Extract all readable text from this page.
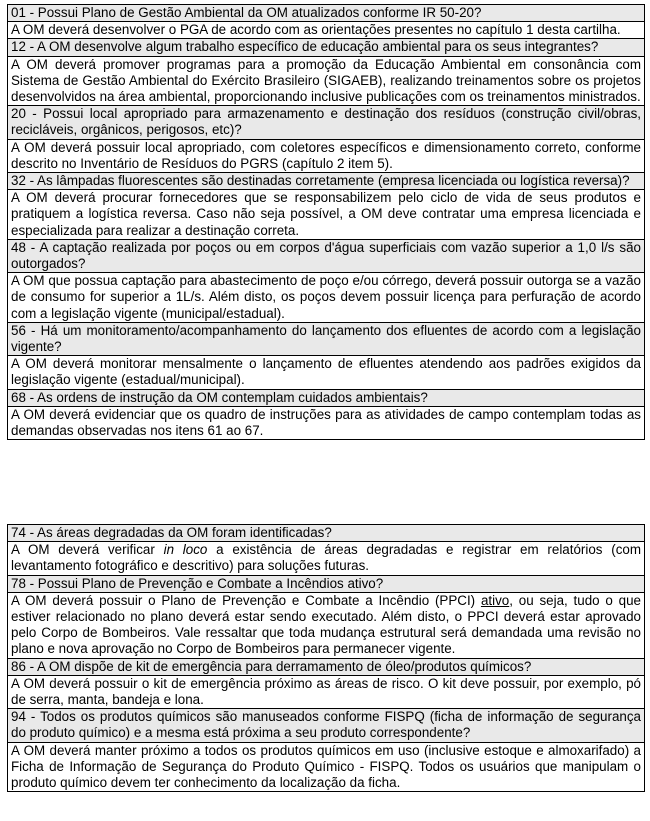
01 - Possui Plano de Gestão Ambiental da OM atualizados conforme IR 50-20?
A OM deverá desenvolver o PGA de acordo com as orientações presentes no capítulo 1 desta cartilha.
12 - A OM desenvolve algum trabalho específico de educação ambiental para os seus integrantes?
A OM deverá promover programas para a promoção da Educação Ambiental em consonância com Sistema de Gestão Ambiental do Exército Brasileiro (SIGAEB), realizando treinamentos sobre os projetos desenvolvidos na área ambiental, proporcionando inclusive publicações com os treinamentos ministrados.
20 - Possui local apropriado para armazenamento e destinação dos resíduos (construção civil/obras, recicláveis, orgânicos, perigosos, etc)?
A OM deverá possuir local apropriado, com coletores específicos e dimensionamento correto, conforme descrito no Inventário de Resíduos do PGRS (capítulo 2 item 5).
32 - As lâmpadas fluorescentes são destinadas corretamente (empresa licenciada ou logística reversa)?
A OM deverá procurar fornecedores que se responsabilizem pelo ciclo de vida de seus produtos e pratiquem a logística reversa. Caso não seja possível, a OM deve contratar uma empresa licenciada e especializada para realizar a destinação correta.
48 - A captação realizada por poços ou em corpos d'água superficiais com vazão superior a 1,0 l/s são outorgados?
A OM que possua captação para abastecimento de poço e/ou córrego, deverá possuir outorga se a vazão de consumo for superior a 1L/s. Além disto, os poços devem possuir licença para perfuração de acordo com a legislação vigente (municipal/estadual).
56 - Há um monitoramento/acompanhamento do lançamento dos efluentes de acordo com a legislação vigente?
A OM deverá monitorar mensalmente o lançamento de efluentes atendendo aos padrões exigidos da legislação vigente (estadual/municipal).
68 - As ordens de instrução da OM contemplam cuidados ambientais?
A OM deverá evidenciar que os quadro de instruções para as atividades de campo contemplam todas as demandas observadas nos itens 61 ao 67.
74 - As áreas degradadas da OM foram identificadas?
A OM deverá verificar in loco a existência de áreas degradadas e registrar em relatórios (com levantamento fotográfico e descritivo) para soluções futuras.
78 - Possui Plano de Prevenção e Combate a Incêndios ativo?
A OM deverá possuir o Plano de Prevenção e Combate a Incêndio (PPCI) ativo, ou seja, tudo o que estiver relacionado no plano deverá estar sendo executado. Além disto, o PPCI deverá estar aprovado pelo Corpo de Bombeiros. Vale ressaltar que toda mudança estrutural será demandada uma revisão no plano e nova aprovação no Corpo de Bombeiros para permanecer vigente.
86 - A OM dispõe de kit de emergência para derramamento de óleo/produtos químicos?
A OM deverá possuir o kit de emergência próximo as áreas de risco. O kit deve possuir, por exemplo, pó de serra, manta, bandeja e lona.
94 - Todos os produtos químicos são manuseados conforme FISPQ (ficha de informação de segurança do produto químico) e a mesma está próxima a seu produto correspondente?
A OM deverá manter próximo a todos os produtos químicos em uso (inclusive estoque e almoxarifado) a Ficha de Informação de Segurança do Produto Químico - FISPQ. Todos os usuários que manipulam o produto químico devem ter conhecimento da localização da ficha.
